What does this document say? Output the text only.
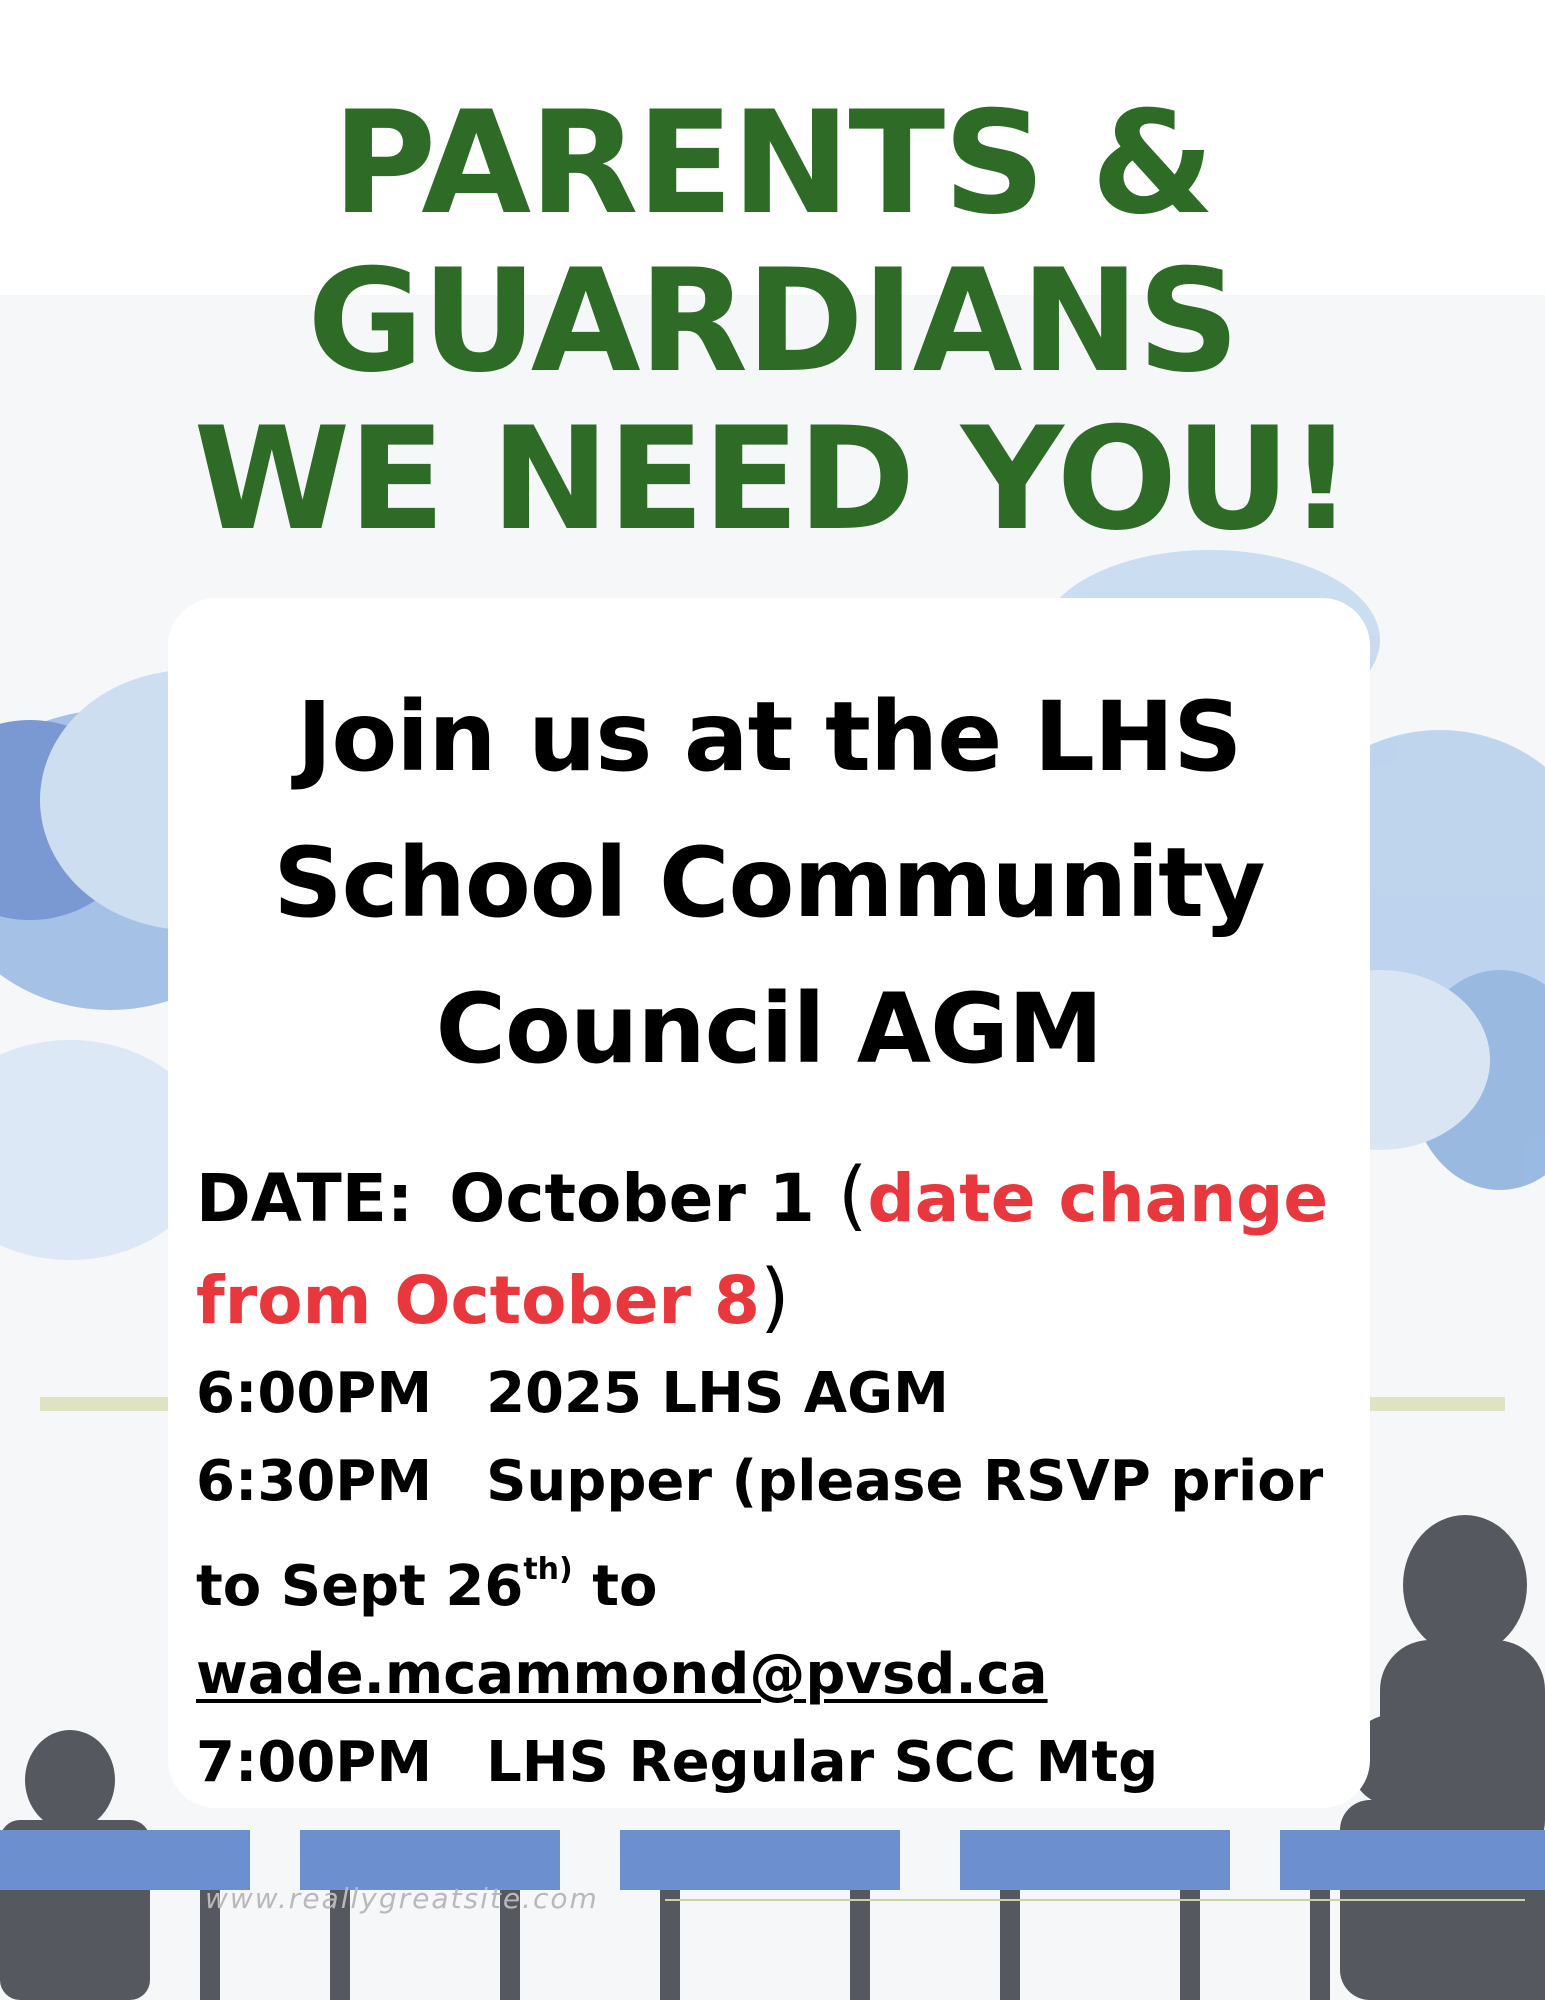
PARENTS &
GUARDIANS
WE NEED YOU!
Join us at the LHS
School Community
Council AGM
DATE: October 1 (date change
from October 8)
6:00PM 2025 LHS AGM
6:30PM Supper (please RSVP prior
to Sept $26^{th)}$ to
wade.mcammond@pvsd.ca
7:00PM LHS Regular SCC Mtg
www.reallygreatsite.com
